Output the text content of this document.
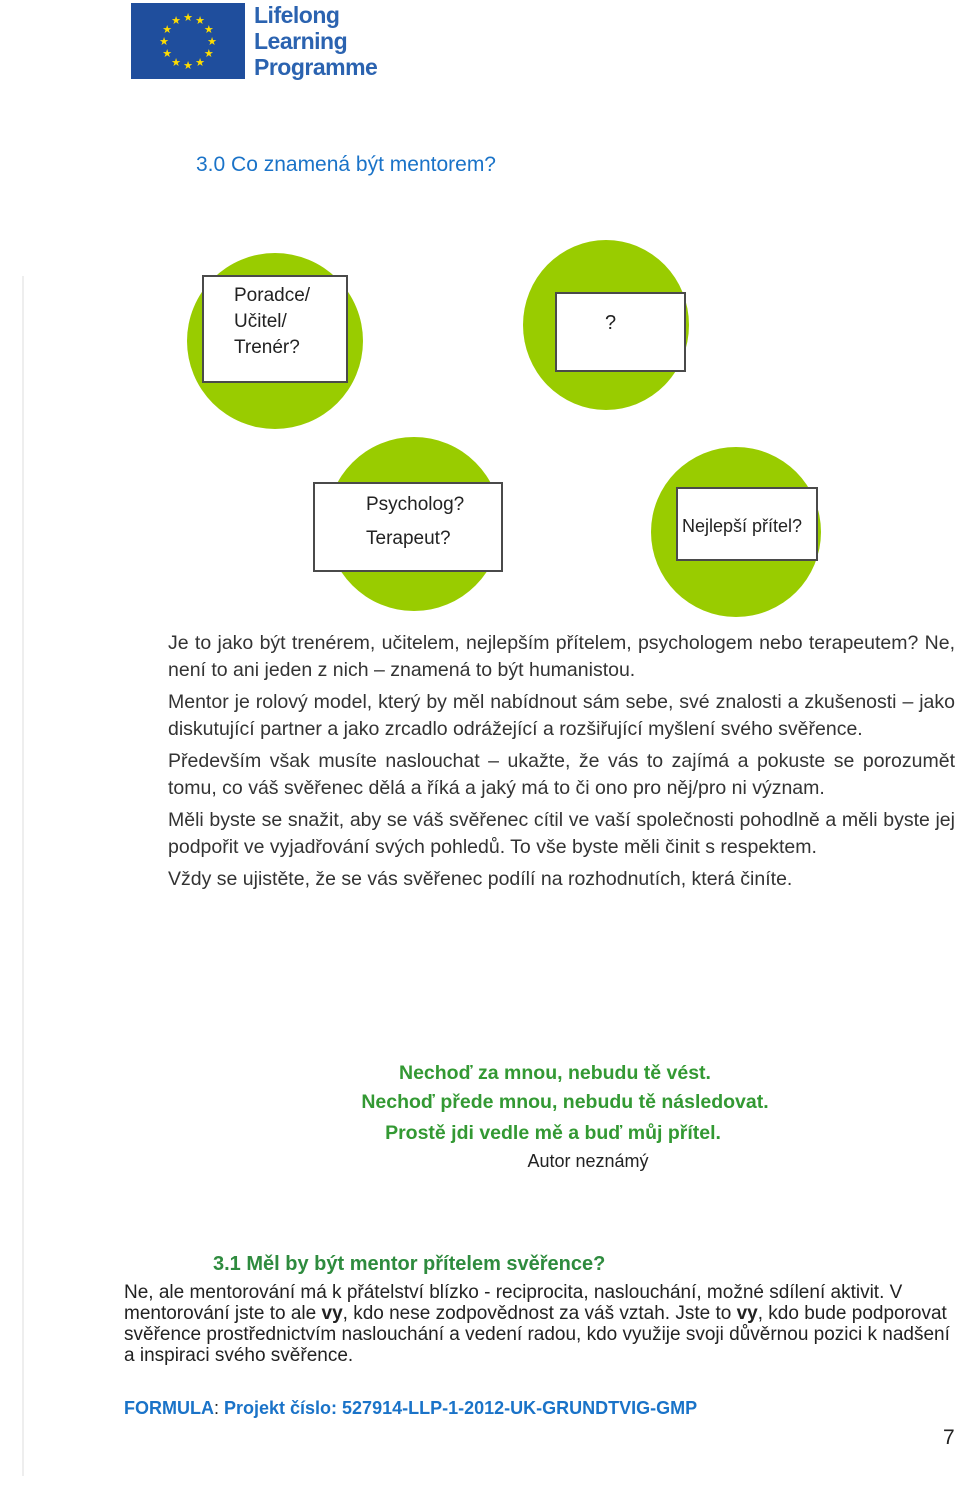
★ ★
★
★
★
★
★
★
★
★
★
★	Lifelong
Learning
Programme
3.0 Co znamená být mentorem?
Poradce/
Učitel/
Trenér?
?
Psycholog?
Terapeut?
Nejlepší přítel?

Je to jako být trenérem, učitelem, nejlepším přítelem, psychologem nebo terapeutem? Ne, není to ani jeden z nich – znamená to být humanistou.

Mentor je rolový model, který by měl nabídnout sám sebe, své znalosti a zkušenosti – jako diskutující partner a jako zrcadlo odrážející a rozšiřující myšlení svého svěřence.

Především však musíte naslouchat – ukažte, že vás to zajímá a pokuste se porozumět tomu, co váš svěřenec dělá a říká a jaký má to či ono pro něj/pro ni význam.

Měli byste se snažit, aby se váš svěřenec cítil ve vaší společnosti pohodlně a měli byste jej podpořit ve vyjadřování svých pohledů. To vše byste měli činit s respektem.

Vždy se ujistěte, že se vás svěřenec podílí na rozhodnutích, která činíte.

Nechoď za mnou, nebudu tě vést.
Nechoď přede mnou, nebudu tě následovat.
Prostě jdi vedle mě a buď můj přítel.
Autor neznámý
3.1 Měl by být mentor přítelem svěřence?
Ne, ale mentorování má k přátelství blízko - reciprocita, naslouchání, možné sdílení aktivit. V mentorování jste to ale vy, kdo nese zodpovědnost za váš vztah. Jste to vy, kdo bude podporovat svěřence prostřednictvím naslouchání a vedení radou, kdo využije svoji důvěrnou pozici k nadšení a inspiraci svého svěřence.
FORMULA: Projekt číslo: 527914-LLP-1-2012-UK-GRUNDTVIG-GMP
7
